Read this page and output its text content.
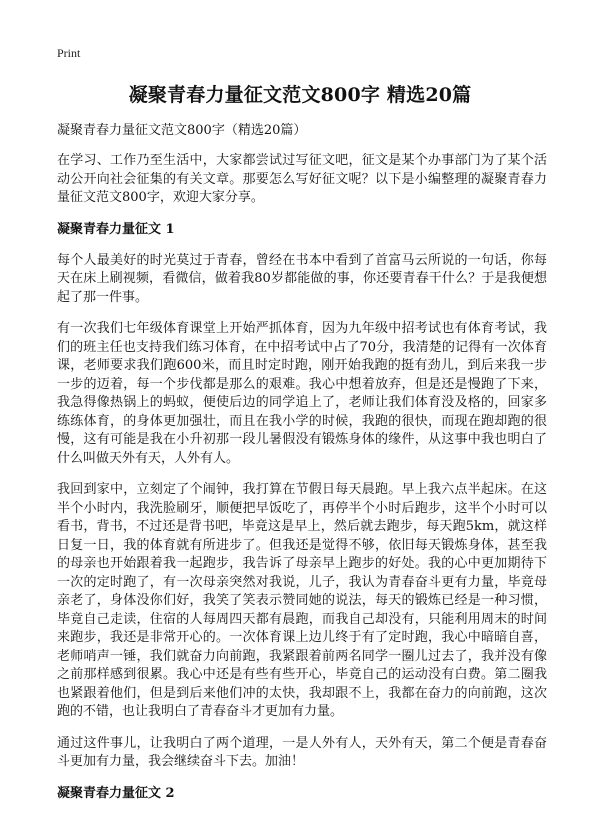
Print
凝聚青春力量征文范文800字 精选20篇
凝聚青春力量征文范文800字（精选20篇）

在学习、工作乃至生活中，大家都尝试过写征文吧，征文是某个办事部门为了某个活动公开向社会征集的有关文章。那要怎么写好征文呢？以下是小编整理的凝聚青春力量征文范文800字，欢迎大家分享。

凝聚青春力量征文 1

每个人最美好的时光莫过于青春，曾经在书本中看到了首富马云所说的一句话，你每天在床上刷视频，看微信，做着我80岁都能做的事，你还要青春干什么？于是我便想起了那一件事。

有一次我们七年级体育课堂上开始严抓体育，因为九年级中招考试也有体育考试，我们的班主任也支持我们练习体育，在中招考试中占了70分，我清楚的记得有一次体育课，老师要求我们跑600米，而且时定时跑，刚开始我跑的挺有劲儿，到后来我一步一步的迈着，每一个步伐都是那么的艰难。我心中想着放弃，但是还是慢跑了下来，我急得像热锅上的蚂蚁，便使后边的同学追上了，老师让我们体育没及格的，回家多练练体育，的身体更加强壮，而且在我小学的时候，我跑的很快，而现在跑却跑的很慢，这有可能是我在小升初那一段儿暑假没有锻炼身体的缘件，从这事中我也明白了什么叫做天外有天，人外有人。

我回到家中，立刻定了个闹钟，我打算在节假日每天晨跑。早上我六点半起床。在这半个小时内，我洗脸刷牙，顺便把早饭吃了，再停半个小时后跑步，这半个小时可以看书，背书，不过还是背书吧，毕竟这是早上，然后就去跑步，每天跑5km，就这样日复一日，我的体育就有所进步了。但我还是觉得不够，依旧每天锻炼身体，甚至我的母亲也开始跟着我一起跑步，我告诉了母亲早上跑步的好处。我的心中更加期待下一次的定时跑了，有一次母亲突然对我说，儿子，我认为青春奋斗更有力量，毕竟母亲老了，身体没你们好，我笑了笑表示赞同她的说法，每天的锻炼已经是一种习惯，毕竟自己走读，住宿的人每周四天都有晨跑，而我自己却没有，只能利用周末的时间来跑步，我还是非常开心的。一次体育课上边儿终于有了定时跑，我心中暗暗自喜，老师哨声一锤，我们就奋力向前跑，我紧跟着前两名同学一圈儿过去了，我并没有像之前那样感到很累。我心中还是有些有些开心，毕竟自己的运动没有白费。第二圈我也紧跟着他们，但是到后来他们冲的太快，我却跟不上，我都在奋力的向前跑，这次跑的不错，也让我明白了青春奋斗才更加有力量。

通过这件事儿，让我明白了两个道理，一是人外有人，天外有天，第二个便是青春奋斗更加有力量，我会继续奋斗下去。加油！

凝聚青春力量征文 2
